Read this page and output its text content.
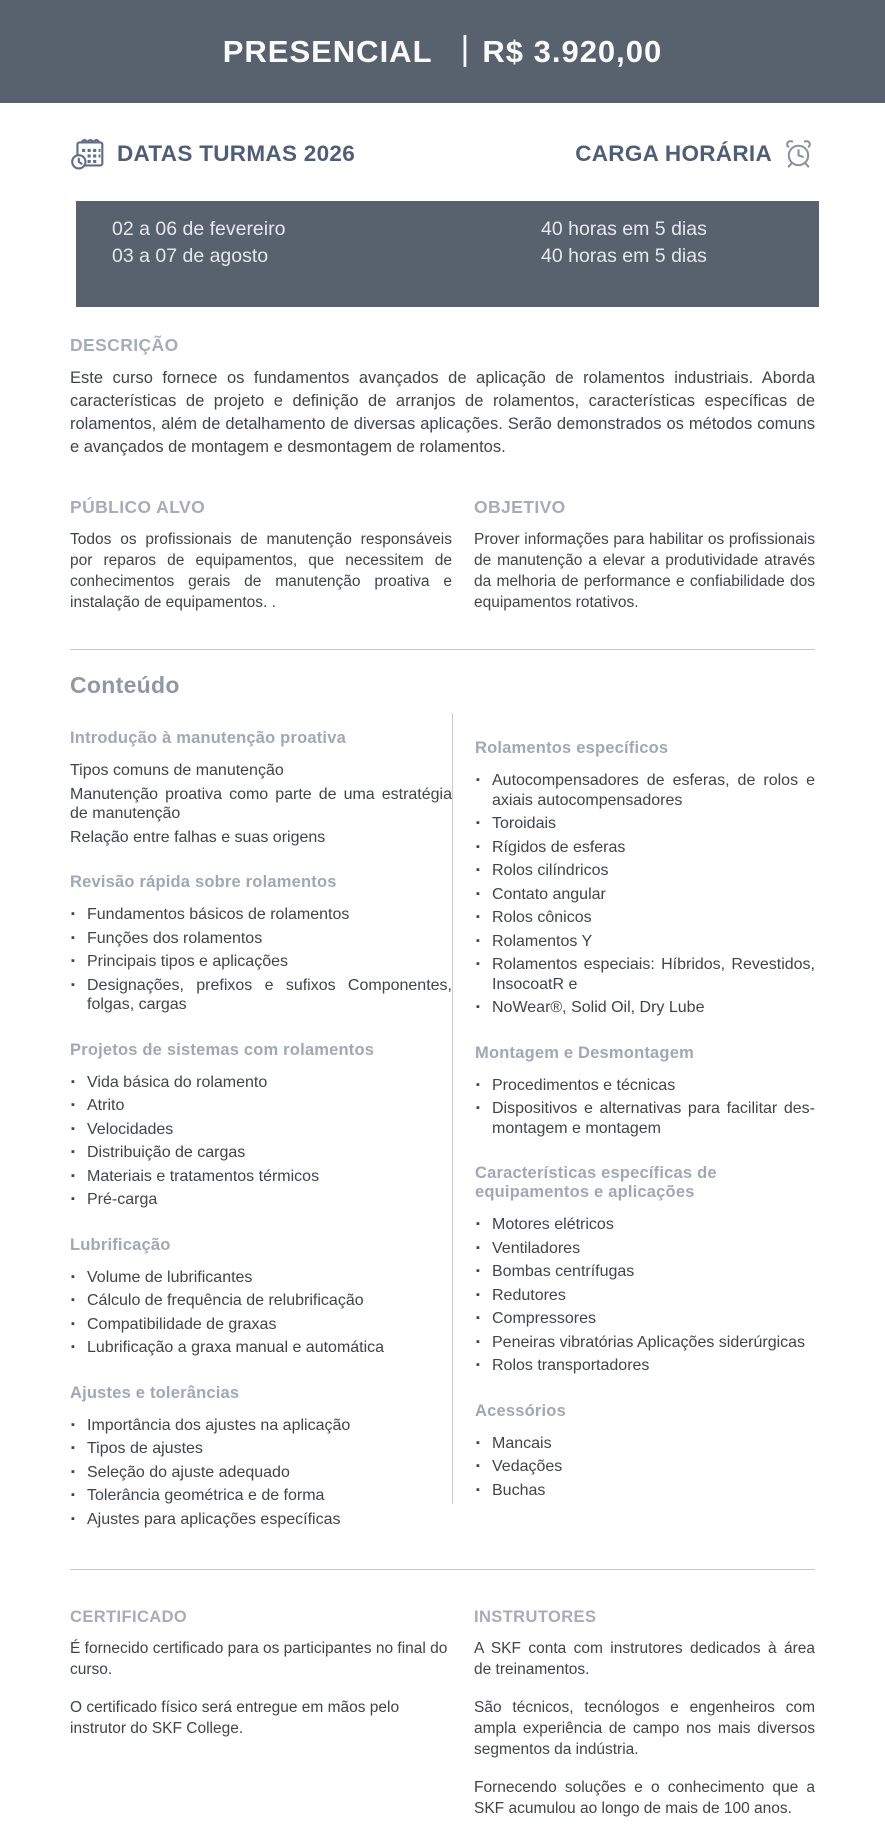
PRESENCIAL | R$ 3.920,00
DATAS TURMAS 2026	CARGA HORÁRIA
02 a 06 de fevereiro	40 horas em 5 dias
03 a 07 de agosto	40 horas em 5 dias
DESCRIÇÃO

Este curso fornece os fundamentos avançados de aplicação de rolamentos industriais. Aborda características de projeto e definição de arranjos de rolamentos, características específicas de rolamentos, além de detalhamento de diversas aplicações. Serão demonstrados os métodos comuns e avançados de montagem e desmontagem de rolamentos.

PÚBLICO ALVO

Todos os profissionais de manutenção responsáveis por reparos de equipamentos, que necessitem de conhecimentos gerais de manutenção proativa e instalação de equipamentos. .

OBJETIVO

Prover informações para habilitar os profissionais de manutenção a elevar a produtividade através da melhoria de performance e confiabilidade dos equipamentos rotativos.

Conteúdo
Introdução à manutenção proativa
Tipos comuns de manutenção
Manutenção proativa como parte de uma estratégia de manutenção
Relação entre falhas e suas origens
Revisão rápida sobre rolamentos
▪ Fundamentos básicos de rolamentos
▪ Funções dos rolamentos
▪ Principais tipos e aplicações
▪ Designações, prefixos e sufixos Componentes, folgas, cargas
Projetos de sistemas com rolamentos
▪ Vida básica do rolamento
▪ Atrito
▪ Velocidades
▪ Distribuição de cargas
▪ Materiais e tratamentos térmicos
▪ Pré-carga
Lubrificação
▪ Volume de lubrificantes
▪ Cálculo de frequência de relubrificação
▪ Compatibilidade de graxas
▪ Lubrificação a graxa manual e automática
Ajustes e tolerâncias
▪ Importância dos ajustes na aplicação
▪ Tipos de ajustes
▪ Seleção do ajuste adequado
▪ Tolerância geométrica e de forma
▪ Ajustes para aplicações específicas
Rolamentos específicos
▪ Autocompensadores de esferas, de rolos e axiais autocompensadores
▪ Toroidais
▪ Rígidos de esferas
▪ Rolos cilíndricos
▪ Contato angular
▪ Rolos cônicos
▪ Rolamentos Y
▪ Rolamentos especiais: Híbridos, Revestidos, InsocoatR e
▪ NoWear®, Solid Oil, Dry Lube
Montagem e Desmontagem
▪ Procedimentos e técnicas
▪ Dispositivos e alternativas para facilitar desmontagem e montagem
Características específicas de equipamentos e aplicações
▪ Motores elétricos
▪ Ventiladores
▪ Bombas centrífugas
▪ Redutores
▪ Compressores
▪ Peneiras vibratórias Aplicações siderúrgicas
▪ Rolos transportadores
Acessórios
▪ Mancais
▪ Vedações
▪ Buchas
CERTIFICADO

É fornecido certificado para os participantes no final do curso.

O certificado físico será entregue em mãos pelo instrutor do SKF College.

INSTRUTORES

A SKF conta com instrutores dedicados à área de treinamentos.

São técnicos, tecnólogos e engenheiros com ampla experiência de campo nos mais diversos segmentos da indústria.

Fornecendo soluções e o conhecimento que a SKF acumulou ao longo de mais de 100 anos.
